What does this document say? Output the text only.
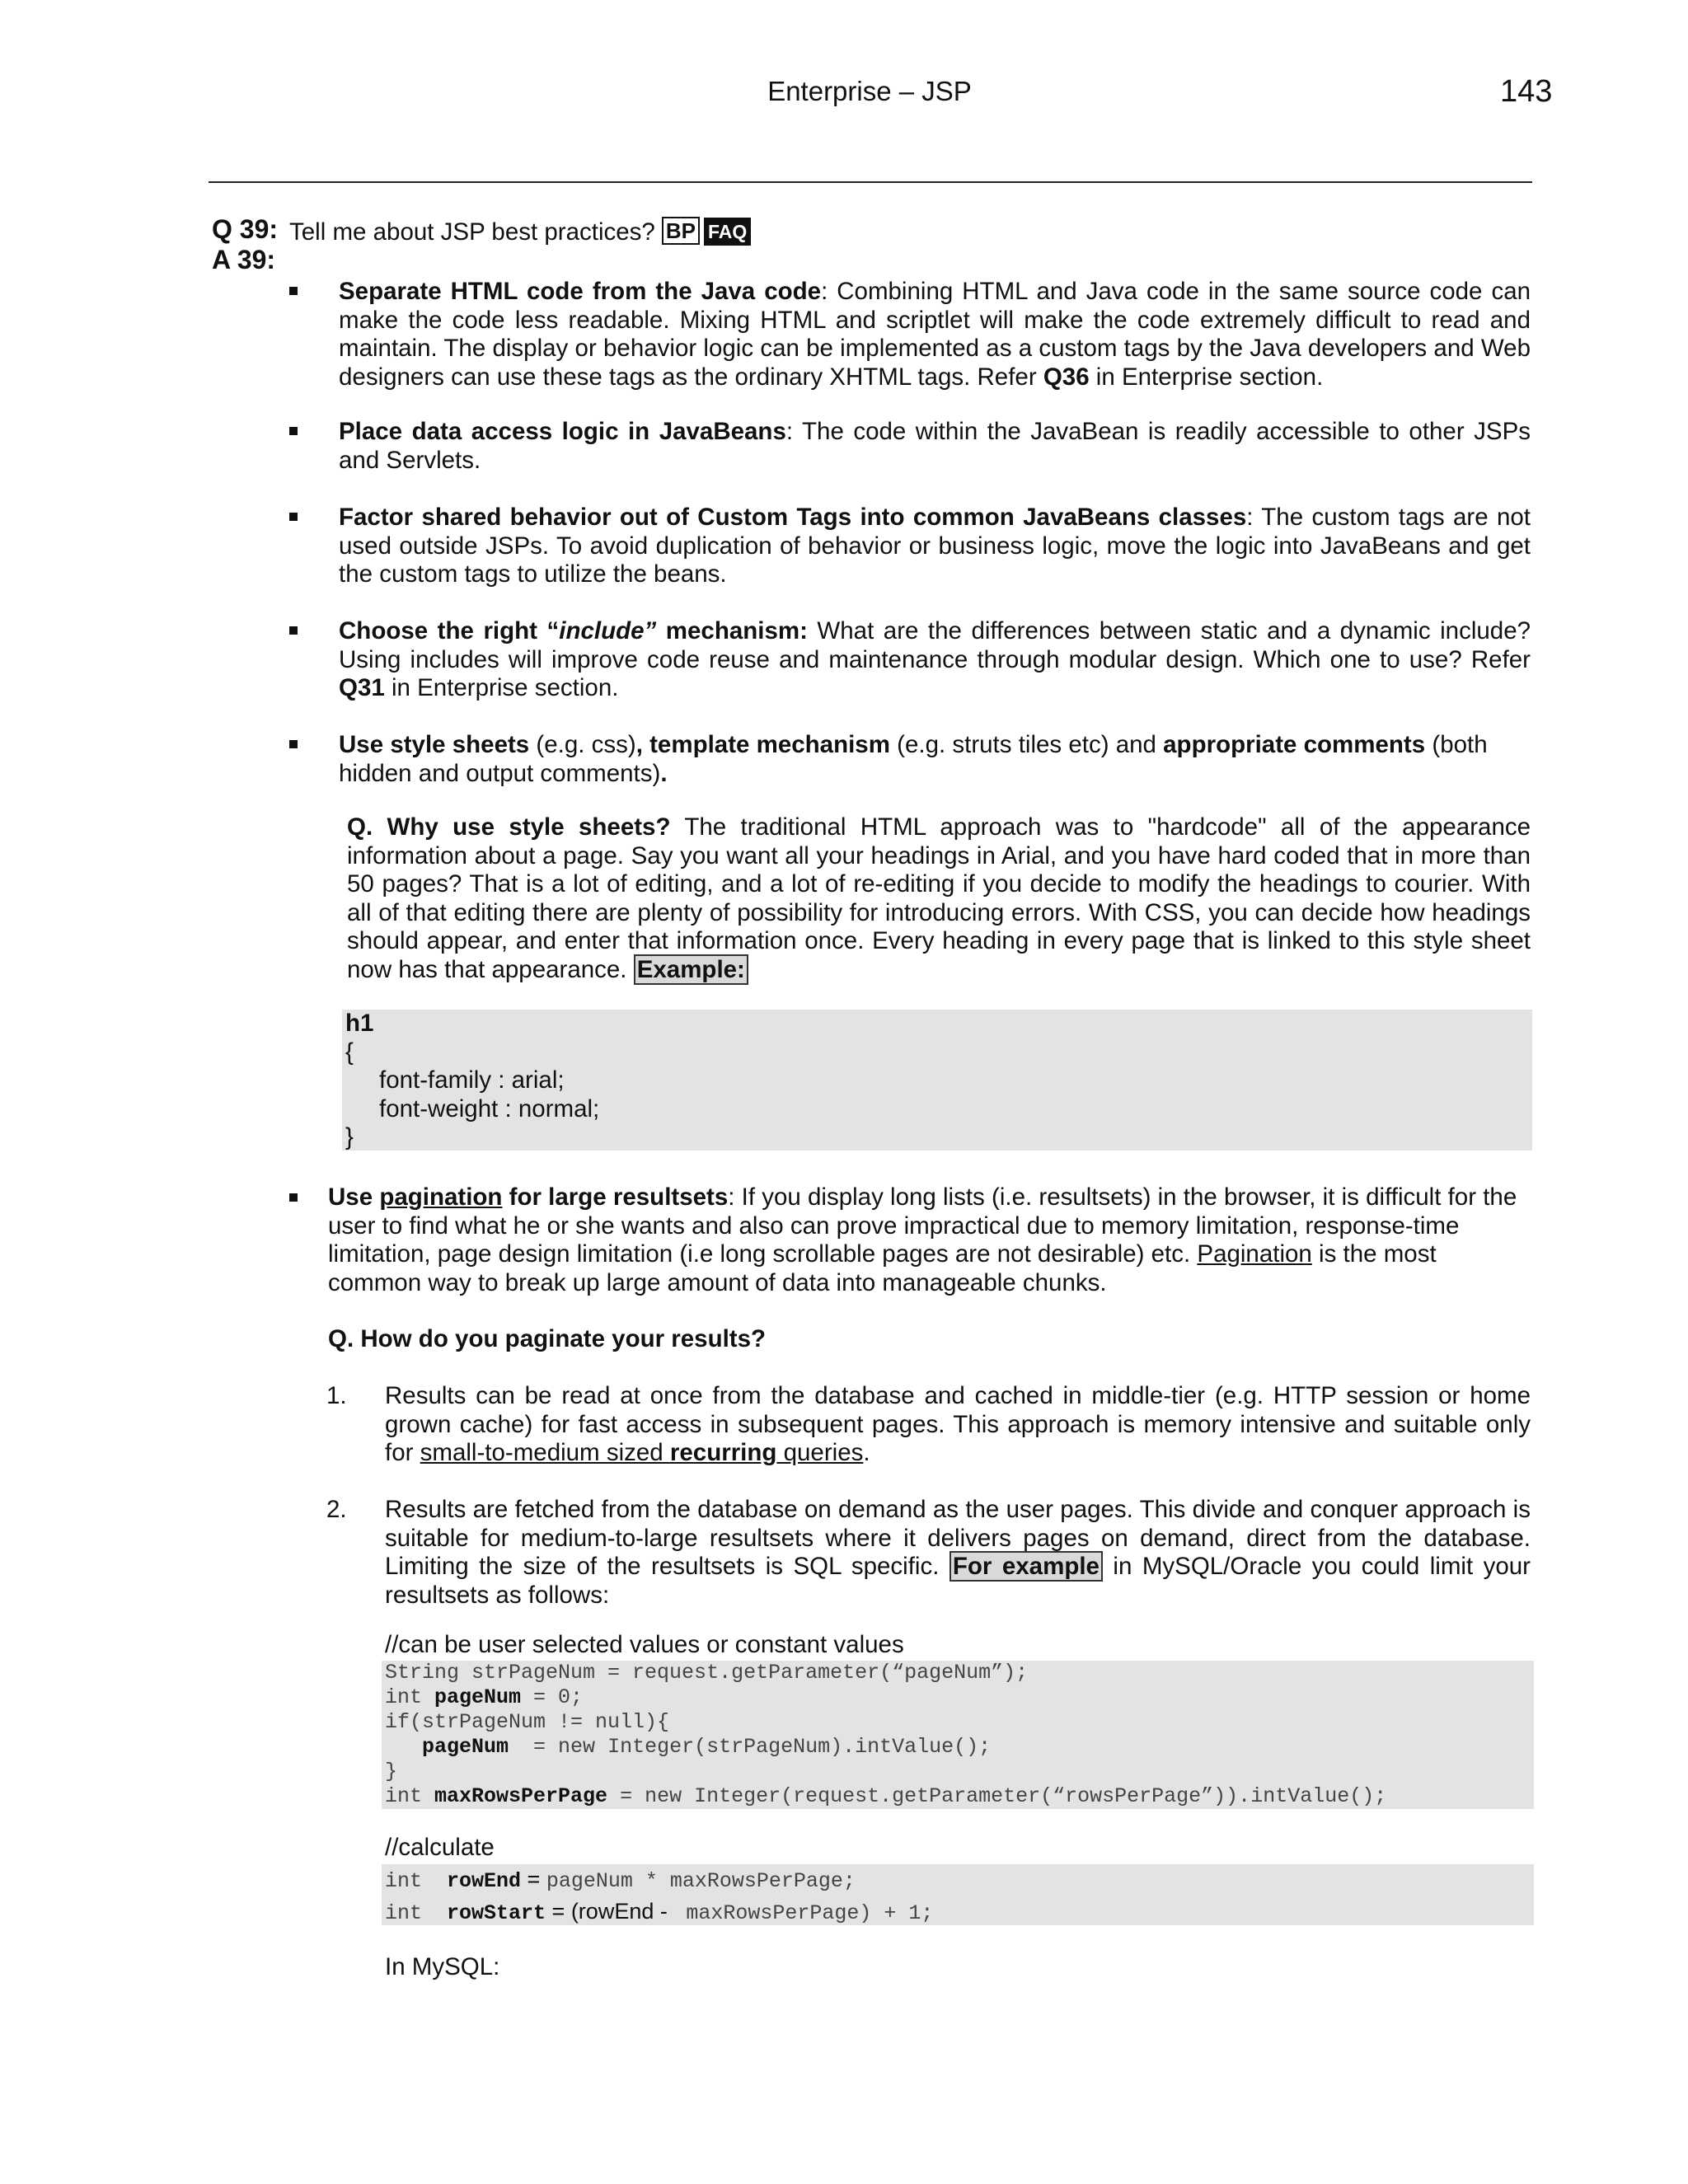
Enterprise – JSP	143
Q 39: Tell me about JSP best practices? BP FAQ
A 39:
Separate HTML code from the Java code: Combining HTML and Java code in the same source code can make the code less readable. Mixing HTML and scriptlet will make the code extremely difficult to read and maintain. The display or behavior logic can be implemented as a custom tags by the Java developers and Web designers can use these tags as the ordinary XHTML tags. Refer Q36 in Enterprise section.
Place data access logic in JavaBeans: The code within the JavaBean is readily accessible to other JSPs and Servlets.
Factor shared behavior out of Custom Tags into common JavaBeans classes: The custom tags are not used outside JSPs. To avoid duplication of behavior or business logic, move the logic into JavaBeans and get the custom tags to utilize the beans.
Choose the right “include” mechanism: What are the differences between static and a dynamic include? Using includes will improve code reuse and maintenance through modular design. Which one to use? Refer Q31 in Enterprise section.
Use style sheets (e.g. css), template mechanism (e.g. struts tiles etc) and appropriate comments (both hidden and output comments).
Q. Why use style sheets? The traditional HTML approach was to "hardcode" all of the appearance information about a page. Say you want all your headings in Arial, and you have hard coded that in more than 50 pages? That is a lot of editing, and a lot of re-editing if you decide to modify the headings to courier. With all of that editing there are plenty of possibility for introducing errors. With CSS, you can decide how headings should appear, and enter that information once. Every heading in every page that is linked to this style sheet now has that appearance. Example:
h1
{
font-family : arial;
font-weight : normal;
}
Use pagination for large resultsets: If you display long lists (i.e. resultsets) in the browser, it is difficult for the user to find what he or she wants and also can prove impractical due to memory limitation, response-time limitation, page design limitation (i.e long scrollable pages are not desirable) etc. Pagination is the most common way to break up large amount of data into manageable chunks.
Q. How do you paginate your results?
1. Results can be read at once from the database and cached in middle-tier (e.g. HTTP session or home grown cache) for fast access in subsequent pages. This approach is memory intensive and suitable only for small-to-medium sized recurring queries.
2. Results are fetched from the database on demand as the user pages. This divide and conquer approach is suitable for medium-to-large resultsets where it delivers pages on demand, direct from the database. Limiting the size of the resultsets is SQL specific. For example in MySQL/Oracle you could limit your resultsets as follows:
//can be user selected values or constant values
String strPageNum = request.getParameter(“pageNum”);
int pageNum = 0;
if(strPageNum != null){
pageNum  = new Integer(strPageNum).intValue();
}
int maxRowsPerPage = new Integer(request.getParameter(“rowsPerPage”)).intValue();
//calculate
int  rowEnd = pageNum * maxRowsPerPage;
int  rowStart = (rowEnd -  maxRowsPerPage) + 1;
In MySQL:
